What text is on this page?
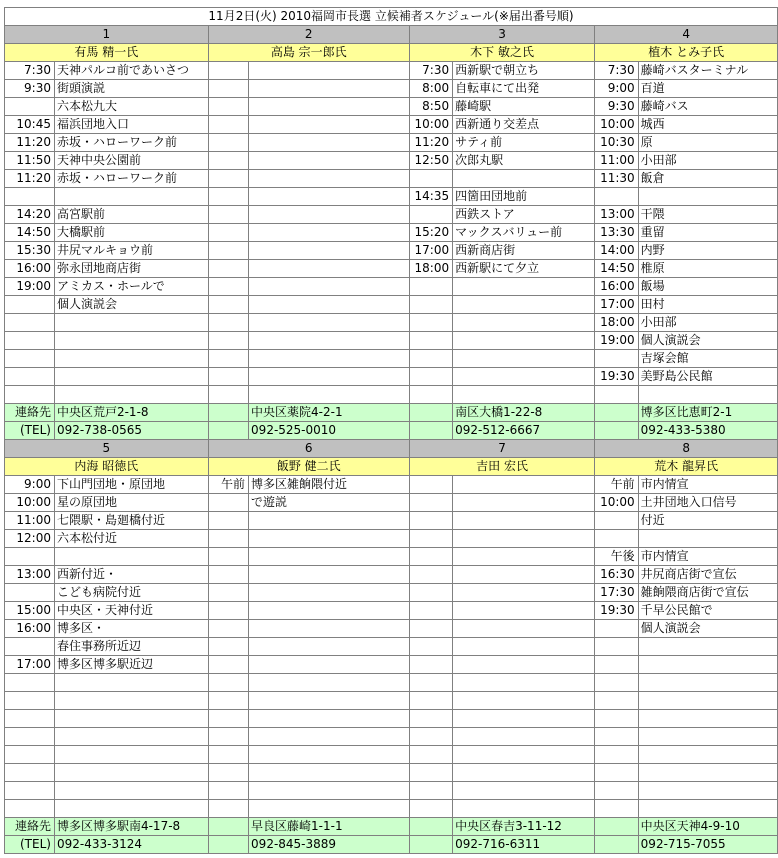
11月2日(火) 2010福岡市長選 立候補者スケジュール(※届出番号順)							
1		2		3		4	
有馬 精一氏		高島 宗一郎氏		木下 敏之氏		植木 とみ子氏	
7:30	天神パルコ前であいさつ			7:30	西新駅で朝立ち	7:30	藤崎バスターミナル
9:30	街頭演説			8:00	自転車にて出発	9:00	百道
	六本松九大			8:50	藤崎駅	9:30	藤崎バス
10:45	福浜団地入口			10:00	西新通り交差点	10:00	城西
11:20	赤坂・ハローワーク前			11:20	サティ前	10:30	原
11:50	天神中央公園前			12:50	次郎丸駅	11:00	小田部
11:20	赤坂・ハローワーク前					11:30	飯倉
				14:35	四箇田団地前		
14:20	高宮駅前				西鉄ストア	13:00	干隈
14:50	大橋駅前			15:20	マックスバリュー前	13:30	重留
15:30	井尻マルキョウ前			17:00	西新商店街	14:00	内野
16:00	弥永団地商店街			18:00	西新駅にて夕立	14:50	椎原
19:00	アミカス・ホールで					16:00	飯場
	個人演説会					17:00	田村
						18:00	小田部
						19:00	個人演説会
							吉塚会館
						19:30	美野島公民館

連絡先	中央区荒戸2-1-8		中央区薬院4-2-1		南区大橋1-22-8		博多区比恵町2-1
(TEL)	092-738-0565		092-525-0010		092-512-6667		092-433-5380
5		6		7		8	
内海 昭徳氏		飯野 健二氏		吉田 宏氏		荒木 龍昇氏	
9:00	下山門団地・原団地	午前	博多区雑餉隈付近			午前	市内情宣
10:00	星の原団地		で遊説			10:00	土井団地入口信号
11:00	七隈駅・島廻橋付近						付近
12:00	六本松付近						
						午後	市内情宣
13:00	西新付近・					16:30	井尻商店街で宣伝
	こども病院付近					17:30	雑餉隈商店街で宣伝
15:00	中央区・天神付近					19:30	千早公民館で
16:00	博多区・						個人演説会
	春住事務所近辺						
17:00	博多区博多駅近辺						

連絡先	博多区博多駅南4-17-8		早良区藤崎1-1-1		中央区春吉3-11-12		中央区天神4-9-10
(TEL)	092-433-3124		092-845-3889		092-716-6311		092-715-7055
